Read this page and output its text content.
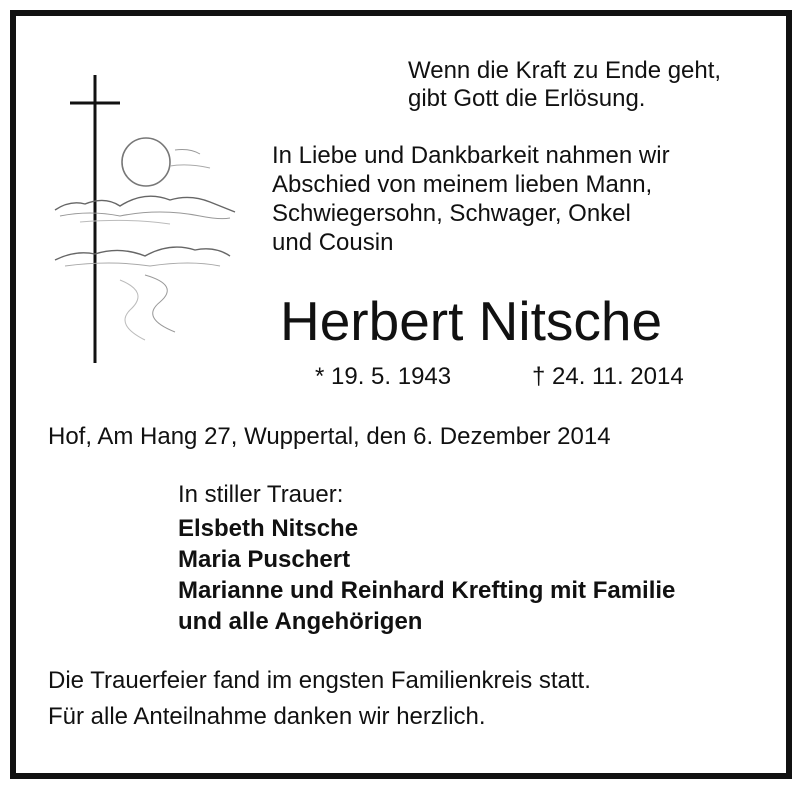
Wenn die Kraft zu Ende geht,
gibt Gott die Erlösung.
In Liebe und Dankbarkeit nahmen wir
Abschied von meinem lieben Mann,
Schwiegersohn, Schwager, Onkel
und Cousin
Herbert Nitsche
* 19. 5. 1943	† 24. 11. 2014
Hof, Am Hang 27, Wuppertal, den 6. Dezember 2014
In stiller Trauer:
Elsbeth Nitsche
Maria Puschert
Marianne und Reinhard Krefting mit Familie
und alle Angehörigen
Die Trauerfeier fand im engsten Familienkreis statt.
Für alle Anteilnahme danken wir herzlich.
